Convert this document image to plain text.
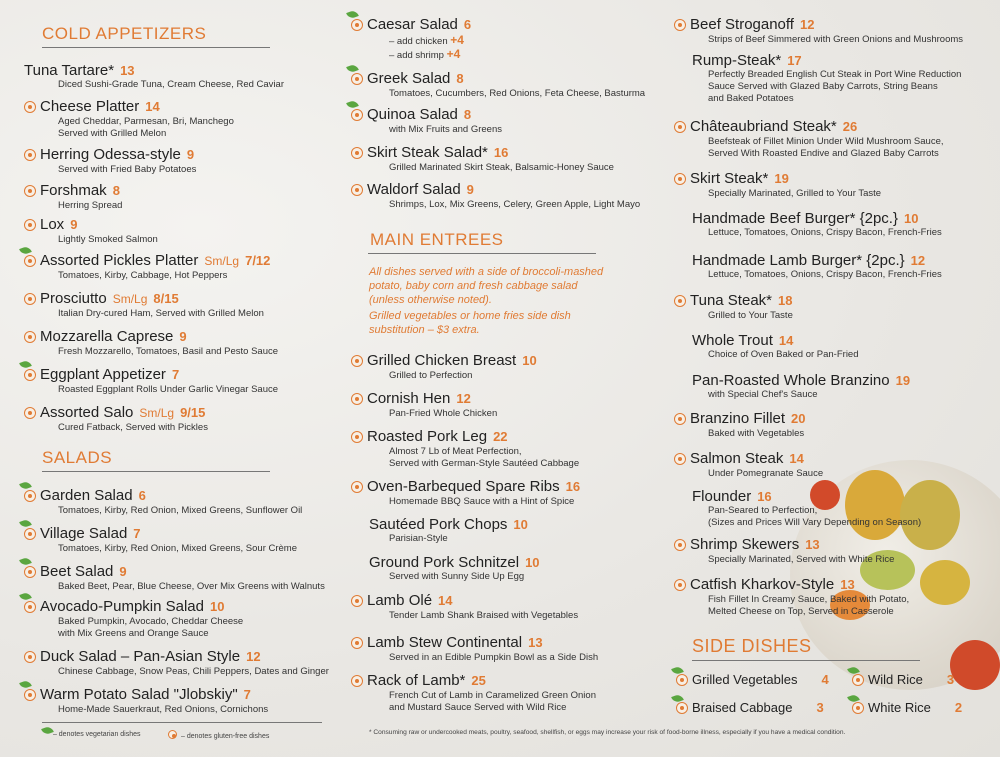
COLD APPETIZERS
Tuna Tartare* 13
Diced Sushi-Grade Tuna, Cream Cheese, Red Caviar
Cheese Platter 14
Aged Cheddar, Parmesan, Bri, Manchego
Served with Grilled Melon
Herring Odessa-style 9
Served with Fried Baby Potatoes
Forshmak 8
Herring Spread
Lox 9
Lightly Smoked Salmon
Assorted Pickles Platter Sm/Lg 7/12
Tomatoes, Kirby, Cabbage, Hot Peppers
Prosciutto Sm/Lg 8/15
Italian Dry-cured Ham, Served with Grilled Melon
Mozzarella Caprese 9
Fresh Mozzarello, Tomatoes, Basil and Pesto Sauce
Eggplant Appetizer 7
Roasted Eggplant Rolls Under Garlic Vinegar Sauce
Assorted Salo Sm/Lg 9/15
Cured Fatback, Served with Pickles
Garden Salad 6
Tomatoes, Kirby, Red Onion, Mixed Greens, Sunflower Oil
Village Salad 7
Tomatoes, Kirby, Red Onion, Mixed Greens, Sour Crème
Beet Salad 9
Baked Beet, Pear, Blue Cheese, Over Mix Greens with Walnuts
Avocado-Pumpkin Salad 10
Baked Pumpkin, Avocado, Cheddar Cheese
with Mix Greens and Orange Sauce
Duck Salad – Pan-Asian Style 12
Chinese Cabbage, Snow Peas, Chili Peppers, Dates and Ginger
Warm Potato Salad "Jlobskiy" 7
Home-Made Sauerkraut, Red Onions, Cornichons
SALADS
– denotes vegetarian dishes	– denotes gluten-free dishes
Caesar Salad 6
– add chicken +4
– add shrimp +4
Greek Salad 8
Tomatoes, Cucumbers, Red Onions, Feta Cheese, Basturma
Quinoa Salad 8
with Mix Fruits and Greens
Skirt Steak Salad* 16
Grilled Marinated Skirt Steak, Balsamic-Honey Sauce
Waldorf Salad 9
Shrimps, Lox, Mix Greens, Celery, Green Apple, Light Mayo
Grilled Chicken Breast 10
Grilled to Perfection
Cornish Hen 12
Pan-Fried Whole Chicken
Roasted Pork Leg 22
Almost 7 Lb of Meat Perfection,
Served with German-Style Sautéed Cabbage
Oven-Barbequed Spare Ribs 16
Homemade BBQ Sauce with a Hint of Spice
Sautéed Pork Chops 10
Parisian-Style
Ground Pork Schnitzel 10
Served with Sunny Side Up Egg
Lamb Olé 14
Tender Lamb Shank Braised with Vegetables
Lamb Stew Continental 13
Served in an Edible Pumpkin Bowl as a Side Dish
Rack of Lamb* 25
French Cut of Lamb in Caramelized Green Onion
and Mustard Sauce Served with Wild Rice
MAIN ENTREES
All dishes served with a side of broccoli-mashed
potato, baby corn and fresh cabbage salad
(unless otherwise noted).
Grilled vegetables or home fries side dish
substitution – $3 extra.
Beef Stroganoff 12
Strips of Beef Simmered with Green Onions and Mushrooms
Rump-Steak* 17
Perfectly Breaded English Cut Steak in Port Wine Reduction
Sauce Served with Glazed Baby Carrots, String Beans
and Baked Potatoes
Châteaubriand Steak* 26
Beefsteak of Fillet Minion Under Wild Mushroom Sauce,
Served With Roasted Endive and Glazed Baby Carrots
Skirt Steak* 19
Specially Marinated, Grilled to Your Taste
Handmade Beef Burger* {2pc.} 10
Lettuce, Tomatoes, Onions, Crispy Bacon, French-Fries
Handmade Lamb Burger* {2pc.} 12
Lettuce, Tomatoes, Onions, Crispy Bacon, French-Fries
Tuna Steak* 18
Grilled to Your Taste
Whole Trout 14
Choice of Oven Baked or Pan-Fried
Pan-Roasted Whole Branzino 19
with Special Chef's Sauce
Branzino Fillet 20
Baked with Vegetables
Salmon Steak 14
Under Pomegranate Sauce
Flounder 16
Pan-Seared to Perfection,
(Sizes and Prices Will Vary Depending on Season)
Shrimp Skewers 13
Specially Marinated, Served with White Rice
Catfish Kharkov-Style 13
Fish Fillet In Creamy Sauce, Baked with Potato,
Melted Cheese on Top, Served in Casserole
SIDE DISHES
Grilled Vegetables 4	Wild Rice 3
Braised Cabbage 3	White Rice 2
* Consuming raw or undercooked meats, poultry, seafood, shellfish, or eggs may increase your risk of food-borne illness, especially if you have a medical condition.
